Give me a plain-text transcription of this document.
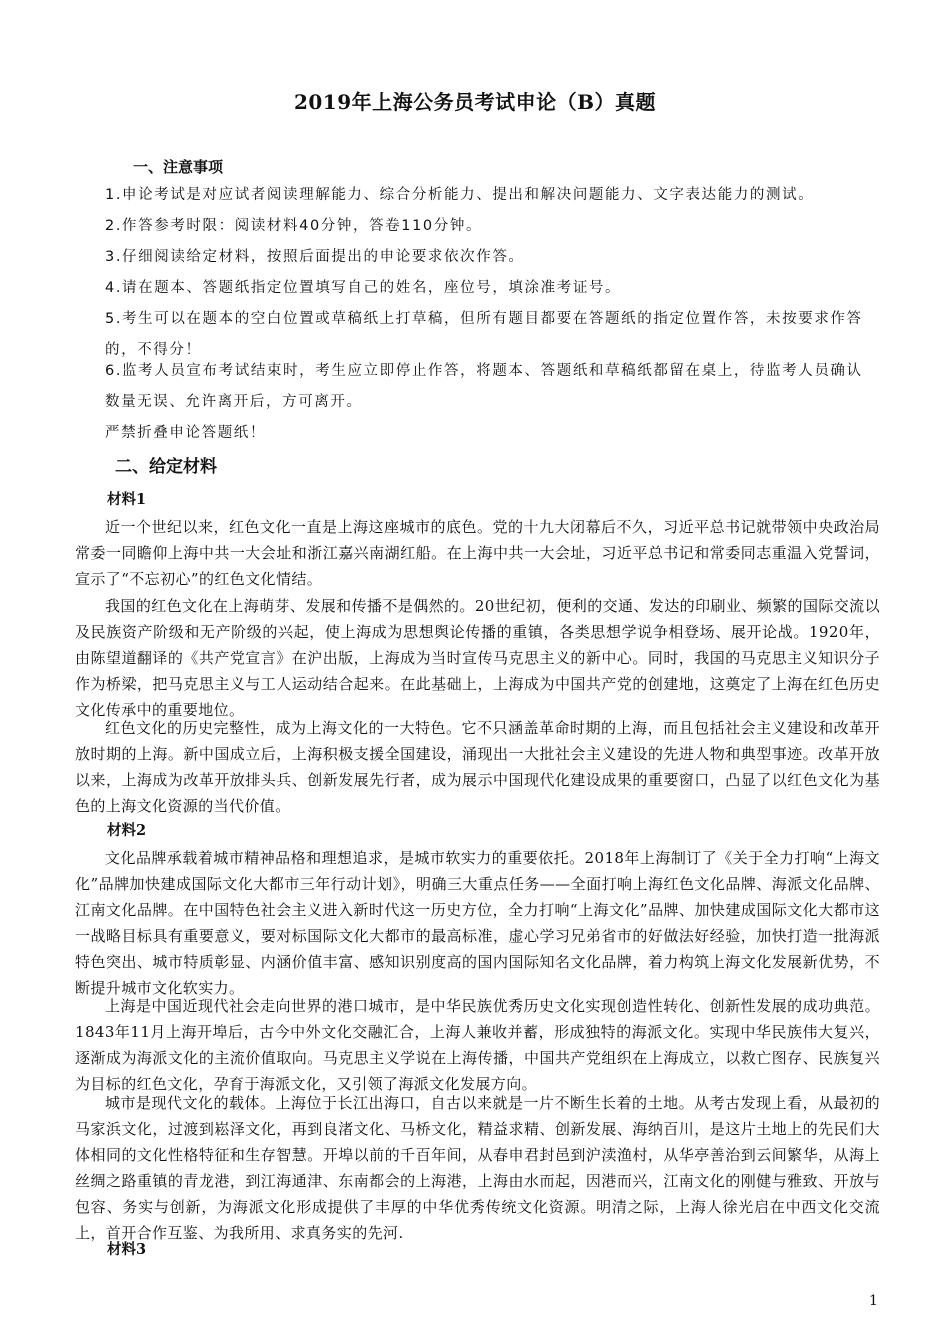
2019年上海公务员考试申论（B）真题
一、注意事项
1.申论考试是对应试者阅读理解能力、综合分析能力、提出和解决问题能力、文字表达能力的测试。
2.作答参考时限：阅读材料40分钟，答卷110分钟。
3.仔细阅读给定材料，按照后面提出的申论要求依次作答。
4.请在题本、答题纸指定位置填写自己的姓名，座位号，填涂准考证号。
5.考生可以在题本的空白位置或草稿纸上打草稿，但所有题目都要在答题纸的指定位置作答，未按要求作答的，不得分！
6.监考人员宣布考试结束时，考生应立即停止作答，将题本、答题纸和草稿纸都留在桌上，待监考人员确认数量无误、允许离开后，方可离开。
严禁折叠申论答题纸！
二、给定材料
材料1
近一个世纪以来，红色文化一直是上海这座城市的底色。党的十九大闭幕后不久，习近平总书记就带领中央政治局常委一同瞻仰上海中共一大会址和浙江嘉兴南湖红船。在上海中共一大会址，习近平总书记和常委同志重温入党誓词，宣示了“不忘初心”的红色文化情结。
我国的红色文化在上海萌芽、发展和传播不是偶然的。20世纪初，便利的交通、发达的印刷业、频繁的国际交流以及民族资产阶级和无产阶级的兴起，使上海成为思想舆论传播的重镇，各类思想学说争相登场、展开论战。1920年，由陈望道翻译的《共产党宣言》在沪出版，上海成为当时宣传马克思主义的新中心。同时，我国的马克思主义知识分子作为桥梁，把马克思主义与工人运动结合起来。在此基础上，上海成为中国共产党的创建地，这奠定了上海在红色历史文化传承中的重要地位。
红色文化的历史完整性，成为上海文化的一大特色。它不只涵盖革命时期的上海，而且包括社会主义建设和改革开放时期的上海。新中国成立后，上海积极支援全国建设，涌现出一大批社会主义建设的先进人物和典型事迹。改革开放以来，上海成为改革开放排头兵、创新发展先行者，成为展示中国现代化建设成果的重要窗口，凸显了以红色文化为基色的上海文化资源的当代价值。
材料2
文化品牌承载着城市精神品格和理想追求，是城市软实力的重要依托。2018年上海制订了《关于全力打响“上海文化”品牌加快建成国际文化大都市三年行动计划》，明确三大重点任务——全面打响上海红色文化品牌、海派文化品牌、江南文化品牌。在中国特色社会主义进入新时代这一历史方位，全力打响“上海文化”品牌、加快建成国际文化大都市这一战略目标具有重要意义，要对标国际文化大都市的最高标准，虚心学习兄弟省市的好做法好经验，加快打造一批海派特色突出、城市特质彰显、内涵价值丰富、感知识别度高的国内国际知名文化品牌，着力构筑上海文化发展新优势，不断提升城市文化软实力。
上海是中国近现代社会走向世界的港口城市，是中华民族优秀历史文化实现创造性转化、创新性发展的成功典范。1843年11月上海开埠后，古今中外文化交融汇合，上海人兼收并蓄，形成独特的海派文化。实现中华民族伟大复兴，逐渐成为海派文化的主流价值取向。马克思主义学说在上海传播，中国共产党组织在上海成立，以救亡图存、民族复兴为目标的红色文化，孕育于海派文化，又引领了海派文化发展方向。
城市是现代文化的载体。上海位于长江出海口，自古以来就是一片不断生长着的土地。从考古发现上看，从最初的马家浜文化，过渡到崧泽文化，再到良渚文化、马桥文化，精益求精、创新发展、海纳百川，是这片土地上的先民们大体相同的文化性格特征和生存智慧。开埠以前的千百年间，从春申君封邑到沪渎渔村，从华亭善治到云间繁华，从海上丝绸之路重镇的青龙港，到江海通津、东南都会的上海港，上海由水而起，因港而兴，江南文化的刚健与雅致、开放与包容、务实与创新，为海派文化形成提供了丰厚的中华优秀传统文化资源。明清之际，上海人徐光启在中西文化交流上，首开合作互鉴、为我所用、求真务实的先河.
材料3
1
